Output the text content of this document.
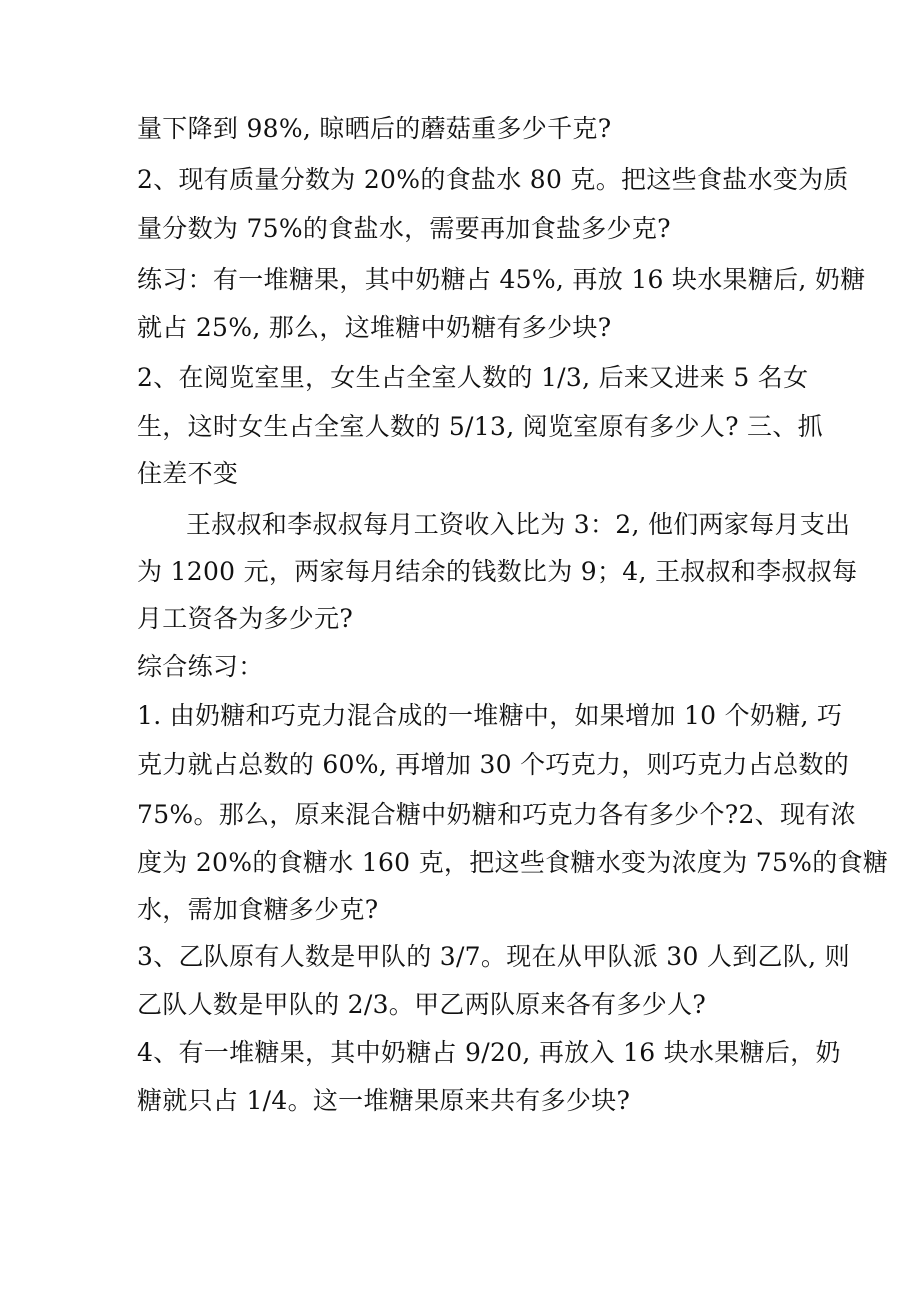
量下降到 98%, 晾晒后的蘑菇重多少千克?

2、现有质量分数为 20%的食盐水 80 克。把这些食盐水变为质

量分数为 75%的食盐水，需要再加食盐多少克?

练习：有一堆糖果，其中奶糖占 45%, 再放 16 块水果糖后, 奶糖

就占 25%, 那么，这堆糖中奶糖有多少块?

2、在阅览室里，女生占全室人数的 1/3, 后来又进来 5 名女

生，这时女生占全室人数的 5/13, 阅览室原有多少人? 三、抓

住差不变

王叔叔和李叔叔每月工资收入比为 3：2, 他们两家每月支出

为 1200 元，两家每月结余的钱数比为 9；4, 王叔叔和李叔叔每

月工资各为多少元?

综合练习：

1. 由奶糖和巧克力混合成的一堆糖中，如果增加 10 个奶糖, 巧

克力就占总数的 60%, 再增加 30 个巧克力，则巧克力占总数的

75%。那么，原来混合糖中奶糖和巧克力各有多少个?2、现有浓

度为 20%的食糖水 160 克，把这些食糖水变为浓度为 75%的食糖

水，需加食糖多少克?

3、乙队原有人数是甲队的 3/7。现在从甲队派 30 人到乙队, 则

乙队人数是甲队的 2/3。甲乙两队原来各有多少人?

4、有一堆糖果，其中奶糖占 9/20, 再放入 16 块水果糖后，奶

糖就只占 1/4。这一堆糖果原来共有多少块?
